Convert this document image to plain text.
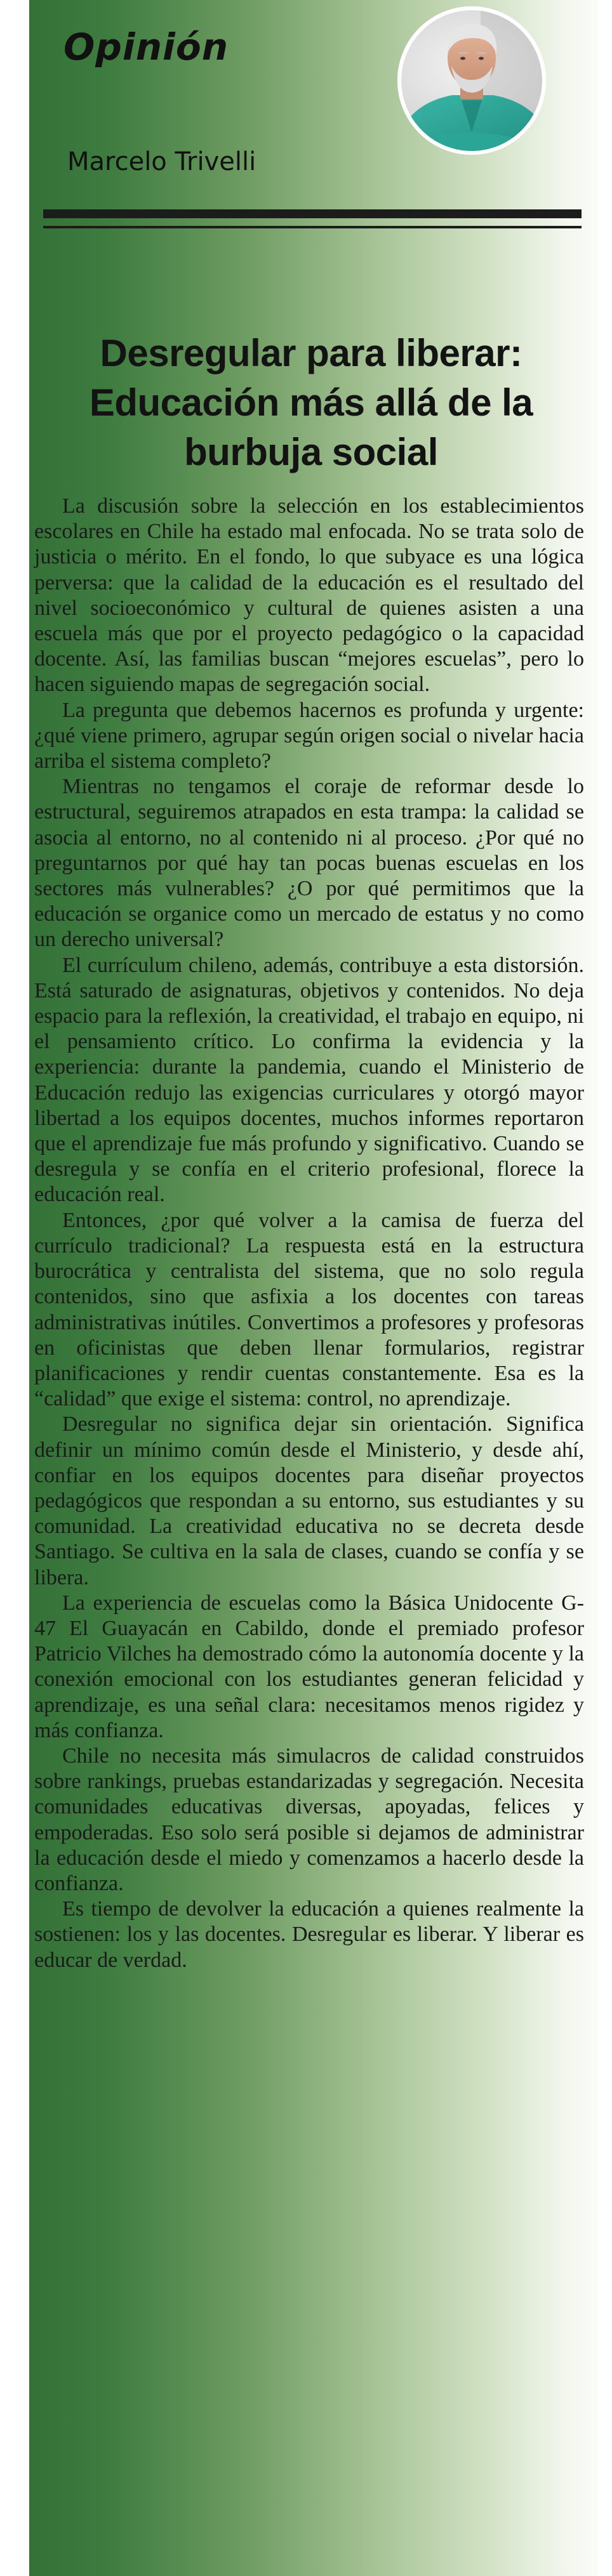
Opinión
Marcelo Trivelli
Desregular para liberar: Educación más allá de la burbuja social

La discusión sobre la selección en los establecimientos escolares en Chile ha estado mal enfocada. No se trata solo de justicia o mérito. En el fondo, lo que subyace es una lógica perversa: que la calidad de la educación es el resultado del nivel socioeconómico y cultural de quienes asisten a una escuela más que por el proyecto pedagógico o la capacidad docente. Así, las familias buscan “mejores escuelas”, pero lo hacen siguiendo mapas de segregación social.

La pregunta que debemos hacernos es profunda y urgente: ¿qué viene primero, agrupar según origen social o nivelar hacia arriba el sistema completo?

Mientras no tengamos el coraje de reformar desde lo estructural, seguiremos atrapados en esta trampa: la calidad se asocia al entorno, no al contenido ni al proceso. ¿Por qué no preguntarnos por qué hay tan pocas buenas escuelas en los sectores más vulnerables? ¿O por qué permitimos que la educación se organice como un mercado de estatus y no como un derecho universal?

El currículum chileno, además, contribuye a esta distorsión. Está saturado de asignaturas, objetivos y contenidos. No deja espacio para la reflexión, la creatividad, el trabajo en equipo, ni el pensamiento crítico. Lo confirma la evidencia y la experiencia: durante la pandemia, cuando el Ministerio de Educación redujo las exigencias curriculares y otorgó mayor libertad a los equipos docentes, muchos informes reportaron que el aprendizaje fue más profundo y significativo. Cuando se desregula y se confía en el criterio profesional, florece la educación real.

Entonces, ¿por qué volver a la camisa de fuerza del currículo tradicional? La respuesta está en la estructura burocrática y centralista del sistema, que no solo regula contenidos, sino que asfixia a los docentes con tareas administrativas inútiles. Convertimos a profesores y profesoras en oficinistas que deben llenar formularios, registrar planificaciones y rendir cuentas constantemente. Esa es la “calidad” que exige el sistema: control, no aprendizaje.

Desregular no significa dejar sin orientación. Significa definir un mínimo común desde el Ministerio, y desde ahí, confiar en los equipos docentes para diseñar proyectos pedagógicos que respondan a su entorno, sus estudiantes y su comunidad. La creatividad educativa no se decreta desde Santiago. Se cultiva en la sala de clases, cuando se confía y se libera.

La experiencia de escuelas como la Básica Unidocente G-47 El Guayacán en Cabildo, donde el premiado profesor Patricio Vilches ha demostrado cómo la autonomía docente y la conexión emocional con los estudiantes generan felicidad y aprendizaje, es una señal clara: necesitamos menos rigidez y más confianza.

Chile no necesita más simulacros de calidad construidos sobre rankings, pruebas estandarizadas y segregación. Necesita comunidades educativas diversas, apoyadas, felices y empoderadas. Eso solo será posible si dejamos de administrar la educación desde el miedo y comenzamos a hacerlo desde la confianza.

Es tiempo de devolver la educación a quienes realmente la sostienen: los y las docentes. Desregular es liberar. Y liberar es educar de verdad.
